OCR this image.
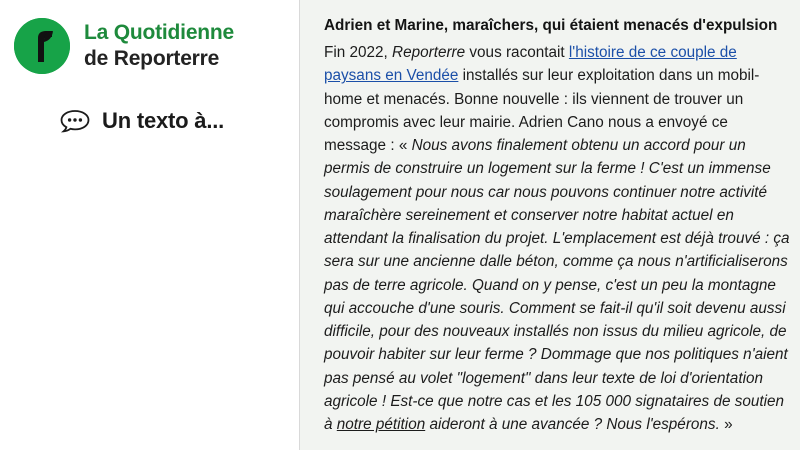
La Quotidienne
de Reporterre
Un texto à...
Adrien et Marine, maraîchers, qui étaient menacés d'expulsion
Fin 2022, Reporterre vous racontait l'histoire de ce couple de paysans en Vendée installés sur leur exploitation dans un mobil-home et menacés. Bonne nouvelle : ils viennent de trouver un compromis avec leur mairie. Adrien Cano nous a envoyé ce message : « Nous avons finalement obtenu un accord pour un permis de construire un logement sur la ferme ! C'est un immense soulagement pour nous car nous pouvons continuer notre activité maraîchère sereinement et conserver notre habitat actuel en attendant la finalisation du projet. L'emplacement est déjà trouvé : ça sera sur une ancienne dalle béton, comme ça nous n'artificialiserons pas de terre agricole. Quand on y pense, c'est un peu la montagne qui accouche d'une souris. Comment se fait-il qu'il soit devenu aussi difficile, pour des nouveaux installés non issus du milieu agricole, de pouvoir habiter sur leur ferme ? Dommage que nos politiques n'aient pas pensé au volet "logement" dans leur texte de loi d'orientation agricole ! Est-ce que notre cas et les 105 000 signataires de soutien à notre pétition aideront à une avancée ? Nous l'espérons. »
